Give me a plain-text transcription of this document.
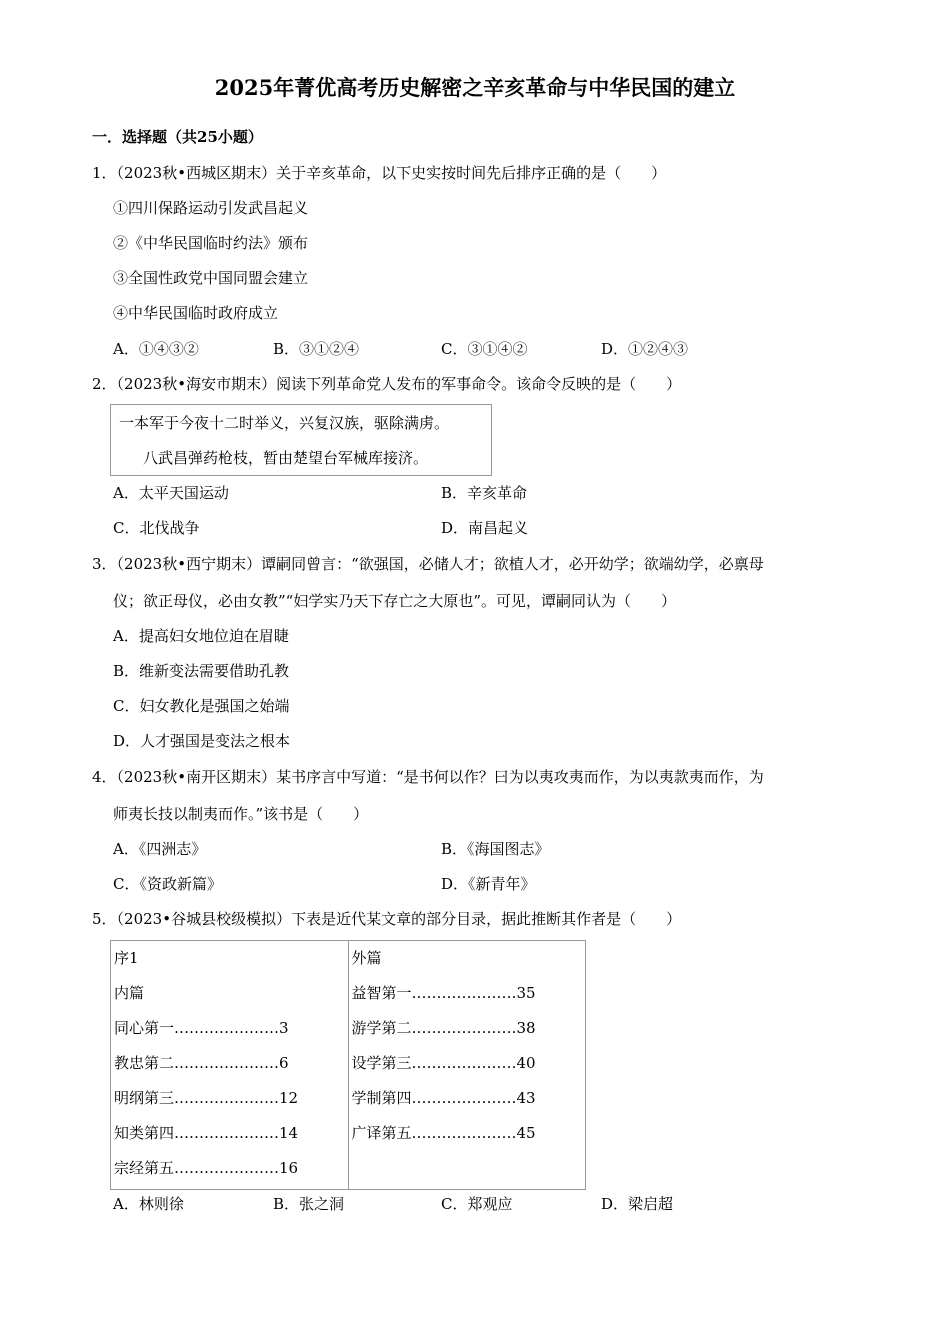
2025年菁优高考历史解密之辛亥革命与中华民国的建立
一．选择题（共25小题）
1．（2023秋•西城区期末）关于辛亥革命，以下史实按时间先后排序正确的是（　　）
①四川保路运动引发武昌起义
②《中华民国临时约法》颁布
③全国性政党中国同盟会建立
④中华民国临时政府成立
A．①④③②	B．③①②④	C．③①④②	D．①②④③
2．（2023秋•海安市期末）阅读下列革命党人发布的军事命令。该命令反映的是（　　）
一本军于今夜十二时举义，兴复汉族，驱除满虏。
八武昌弹药枪枝，暂由楚望台军械库接济。
A．太平天国运动	B．辛亥革命
C．北伐战争	D．南昌起义
3．（2023秋•西宁期末）谭嗣同曾言：“欲强国，必储人才；欲植人才，必开幼学；欲端幼学，必禀母
仪；欲正母仪，必由女教”“妇学实乃天下存亡之大原也”。可见，谭嗣同认为（　　）
A．提高妇女地位迫在眉睫
B．维新变法需要借助孔教
C．妇女教化是强国之始端
D．人才强国是变法之根本
4．（2023秋•南开区期末）某书序言中写道：“是书何以作？曰为以夷攻夷而作，为以夷款夷而作，为
师夷长技以制夷而作。”该书是（　　）
A．《四洲志》	B．《海国图志》
C．《资政新篇》	D．《新青年》
5．（2023•谷城县校级模拟）下表是近代某文章的部分目录，据此推断其作者是（　　）
序1
内篇
同心第一…………………3
教忠第二…………………6
明纲第三…………………12
知类第四…………………14
宗经第五…………………16

外篇
益智第一…………………35
游学第二…………………38
设学第三…………………40
学制第四…………………43
广译第五…………………45
A．林则徐	B．张之洞	C．郑观应	D．梁启超
